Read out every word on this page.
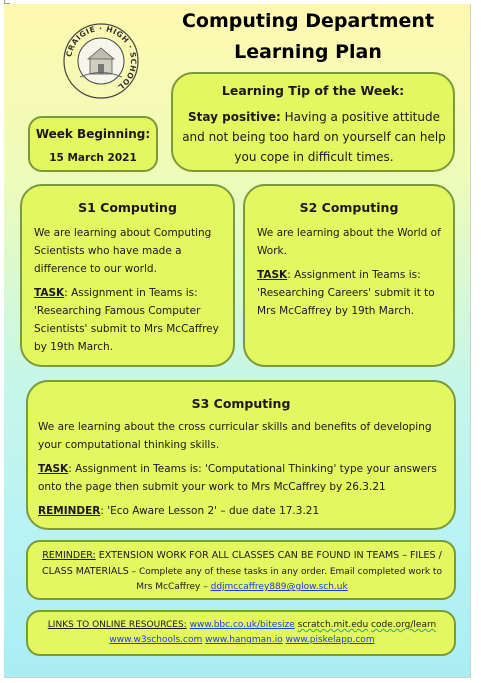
Computing Department
Learning Plan
CRAIGIE · HIGH · SCHOOL	Learning Tip of the Week:
Stay positive: Having a positive attitude and not being too hard on yourself can help you cope in difficult times.
Week Beginning:
15 March 2021
S1 Computing

We are learning about Computing Scientists who have made a difference to our world.

TASK: Assignment in Teams is: 'Researching Famous Computer Scientists' submit to Mrs McCaffrey by 19th March.

S2 Computing

We are learning about the World of Work.

TASK: Assignment in Teams is: 'Researching Careers' submit it to Mrs McCaffrey by 19th March.

S3 Computing

We are learning about the cross curricular skills and benefits of developing your computational thinking skills.

TASK: Assignment in Teams is: 'Computational Thinking' type your answers onto the page then submit your work to Mrs McCaffrey by 26.3.21

REMINDER: 'Eco Aware Lesson 2' – due date 17.3.21

REMINDER: EXTENSION WORK FOR ALL CLASSES CAN BE FOUND IN TEAMS – FILES / CLASS MATERIALS – Complete any of these tasks in any order. Email completed work to Mrs McCaffrey – ddjmccaffrey889@glow.sch.uk
LINKS TO ONLINE RESOURCES: www.bbc.co.uk/bitesize scratch.mit.edu code.org/learn
www.w3schools.com www.hangman.io www.piskelapp.com
